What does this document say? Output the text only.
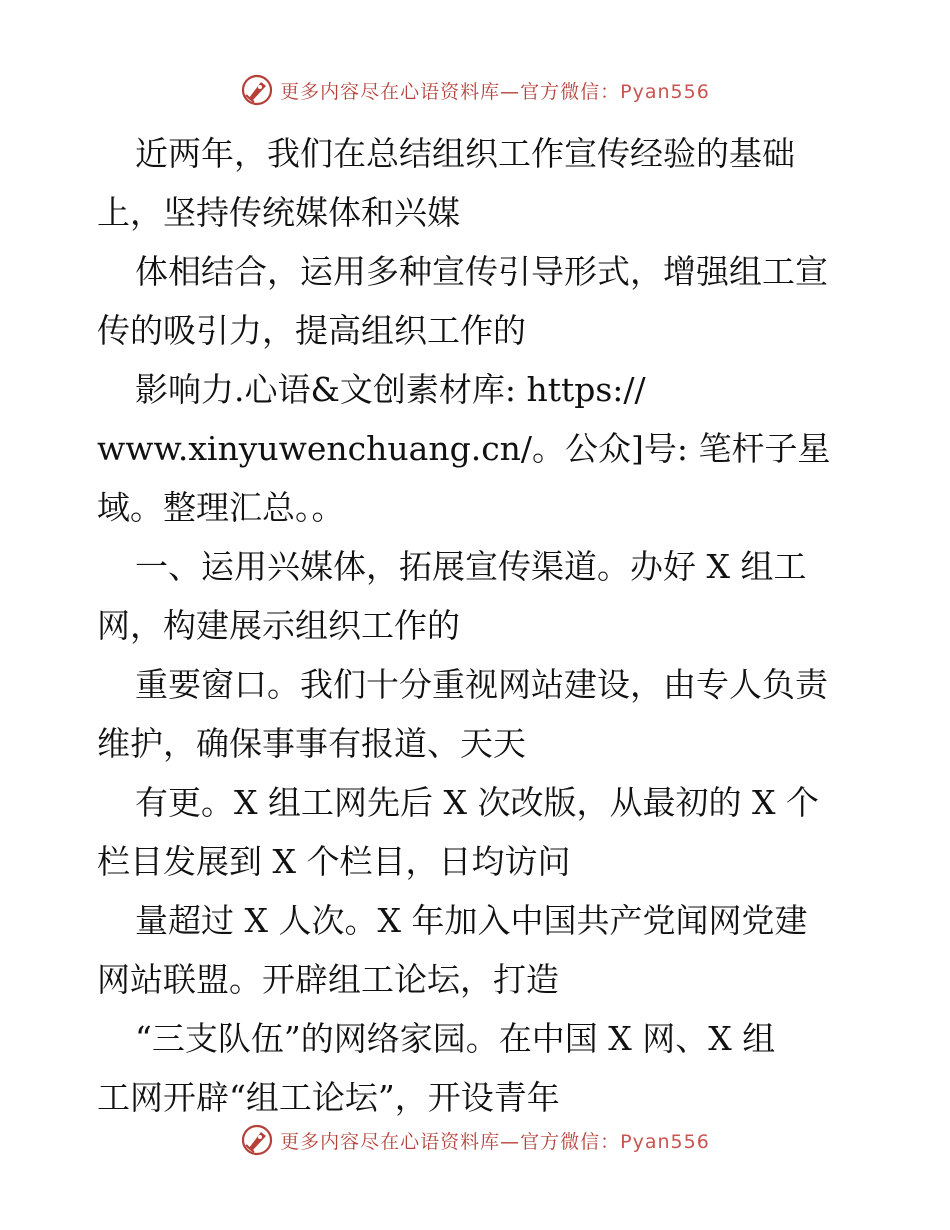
更多内容尽在心语资料库—官方微信：Pyan556
近两年，我们在总结组织工作宣传经验的基础
上，坚持传统媒体和兴媒
体相结合，运用多种宣传引导形式，增强组工宣
传的吸引力，提高组织工作的
影响力.心语&文创素材库: https://
www.xinyuwenchuang.cn/。公众]号: 笔杆子星
域。整理汇总。。
一、运用兴媒体，拓展宣传渠道。办好 X 组工
网，构建展示组织工作的
重要窗口。我们十分重视网站建设，由专人负责
维护，确保事事有报道、天天
有更。X 组工网先后 X 次改版，从最初的 X 个
栏目发展到 X 个栏目，日均访问
量超过 X 人次。X 年加入中国共产党闻网党建
网站联盟。开辟组工论坛，打造
“三支队伍”的网络家园。在中国 X 网、X 组
工网开辟“组工论坛”，开设青年
更多内容尽在心语资料库—官方微信：Pyan556
